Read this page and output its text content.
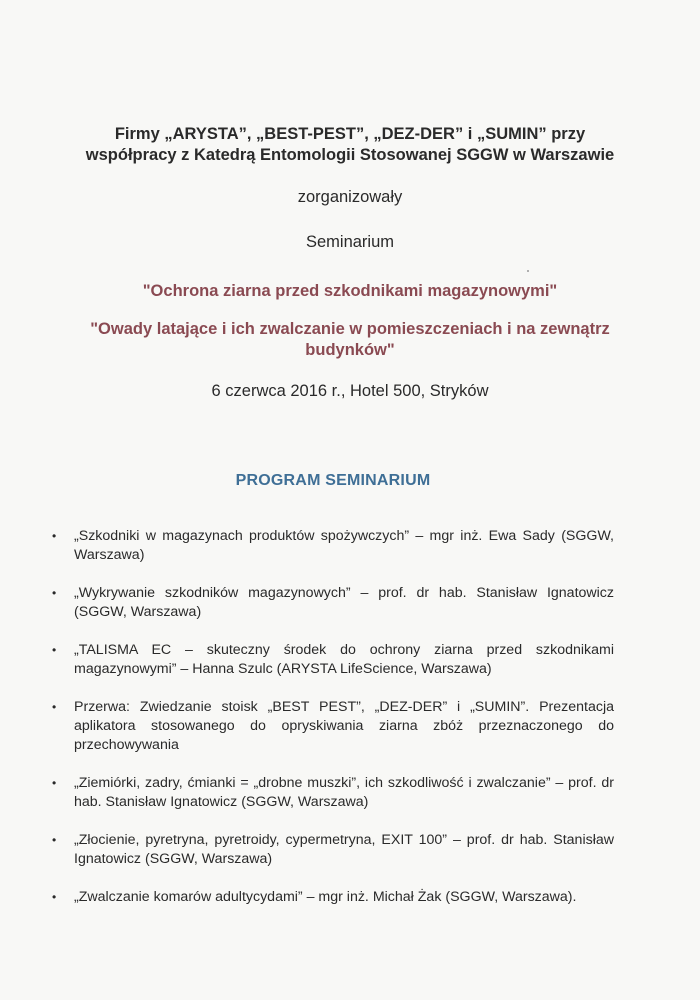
Firmy „ARYSTA”, „BEST-PEST”, „DEZ-DER” i „SUMIN” przy
współpracy z Katedrą Entomologii Stosowanej SGGW w Warszawie
zorganizowały
Seminarium
"Ochrona ziarna przed szkodnikami magazynowymi"
"Owady latające i ich zwalczanie w pomieszczeniach i na zewnątrz
budynków"
6 czerwca 2016 r., Hotel 500, Stryków
PROGRAM SEMINARIUM
• „Szkodniki w magazynach produktów spożywczych” – mgr inż. Ewa Sady (SGGW, Warszawa)
• „Wykrywanie szkodników magazynowych” – prof. dr hab. Stanisław Ignatowicz (SGGW, Warszawa)
• „TALISMA EC – skuteczny środek do ochrony ziarna przed szkodnikami magazynowymi” – Hanna Szulc (ARYSTA LifeScience, Warszawa)
• Przerwa: Zwiedzanie stoisk „BEST PEST”, „DEZ-DER” i „SUMIN”. Prezentacja aplikatora stosowanego do opryskiwania ziarna zbóż przeznaczonego do przechowywania
• „Ziemiórki, zadry, ćmianki = „drobne muszki”, ich szkodliwość i zwalczanie” – prof. dr hab. Stanisław Ignatowicz (SGGW, Warszawa)
• „Złocienie, pyretryna, pyretroidy, cypermetryna, EXIT 100” – prof. dr hab. Stanisław Ignatowicz (SGGW, Warszawa)
• „Zwalczanie komarów adultycydami” – mgr inż. Michał Żak (SGGW, Warszawa).
